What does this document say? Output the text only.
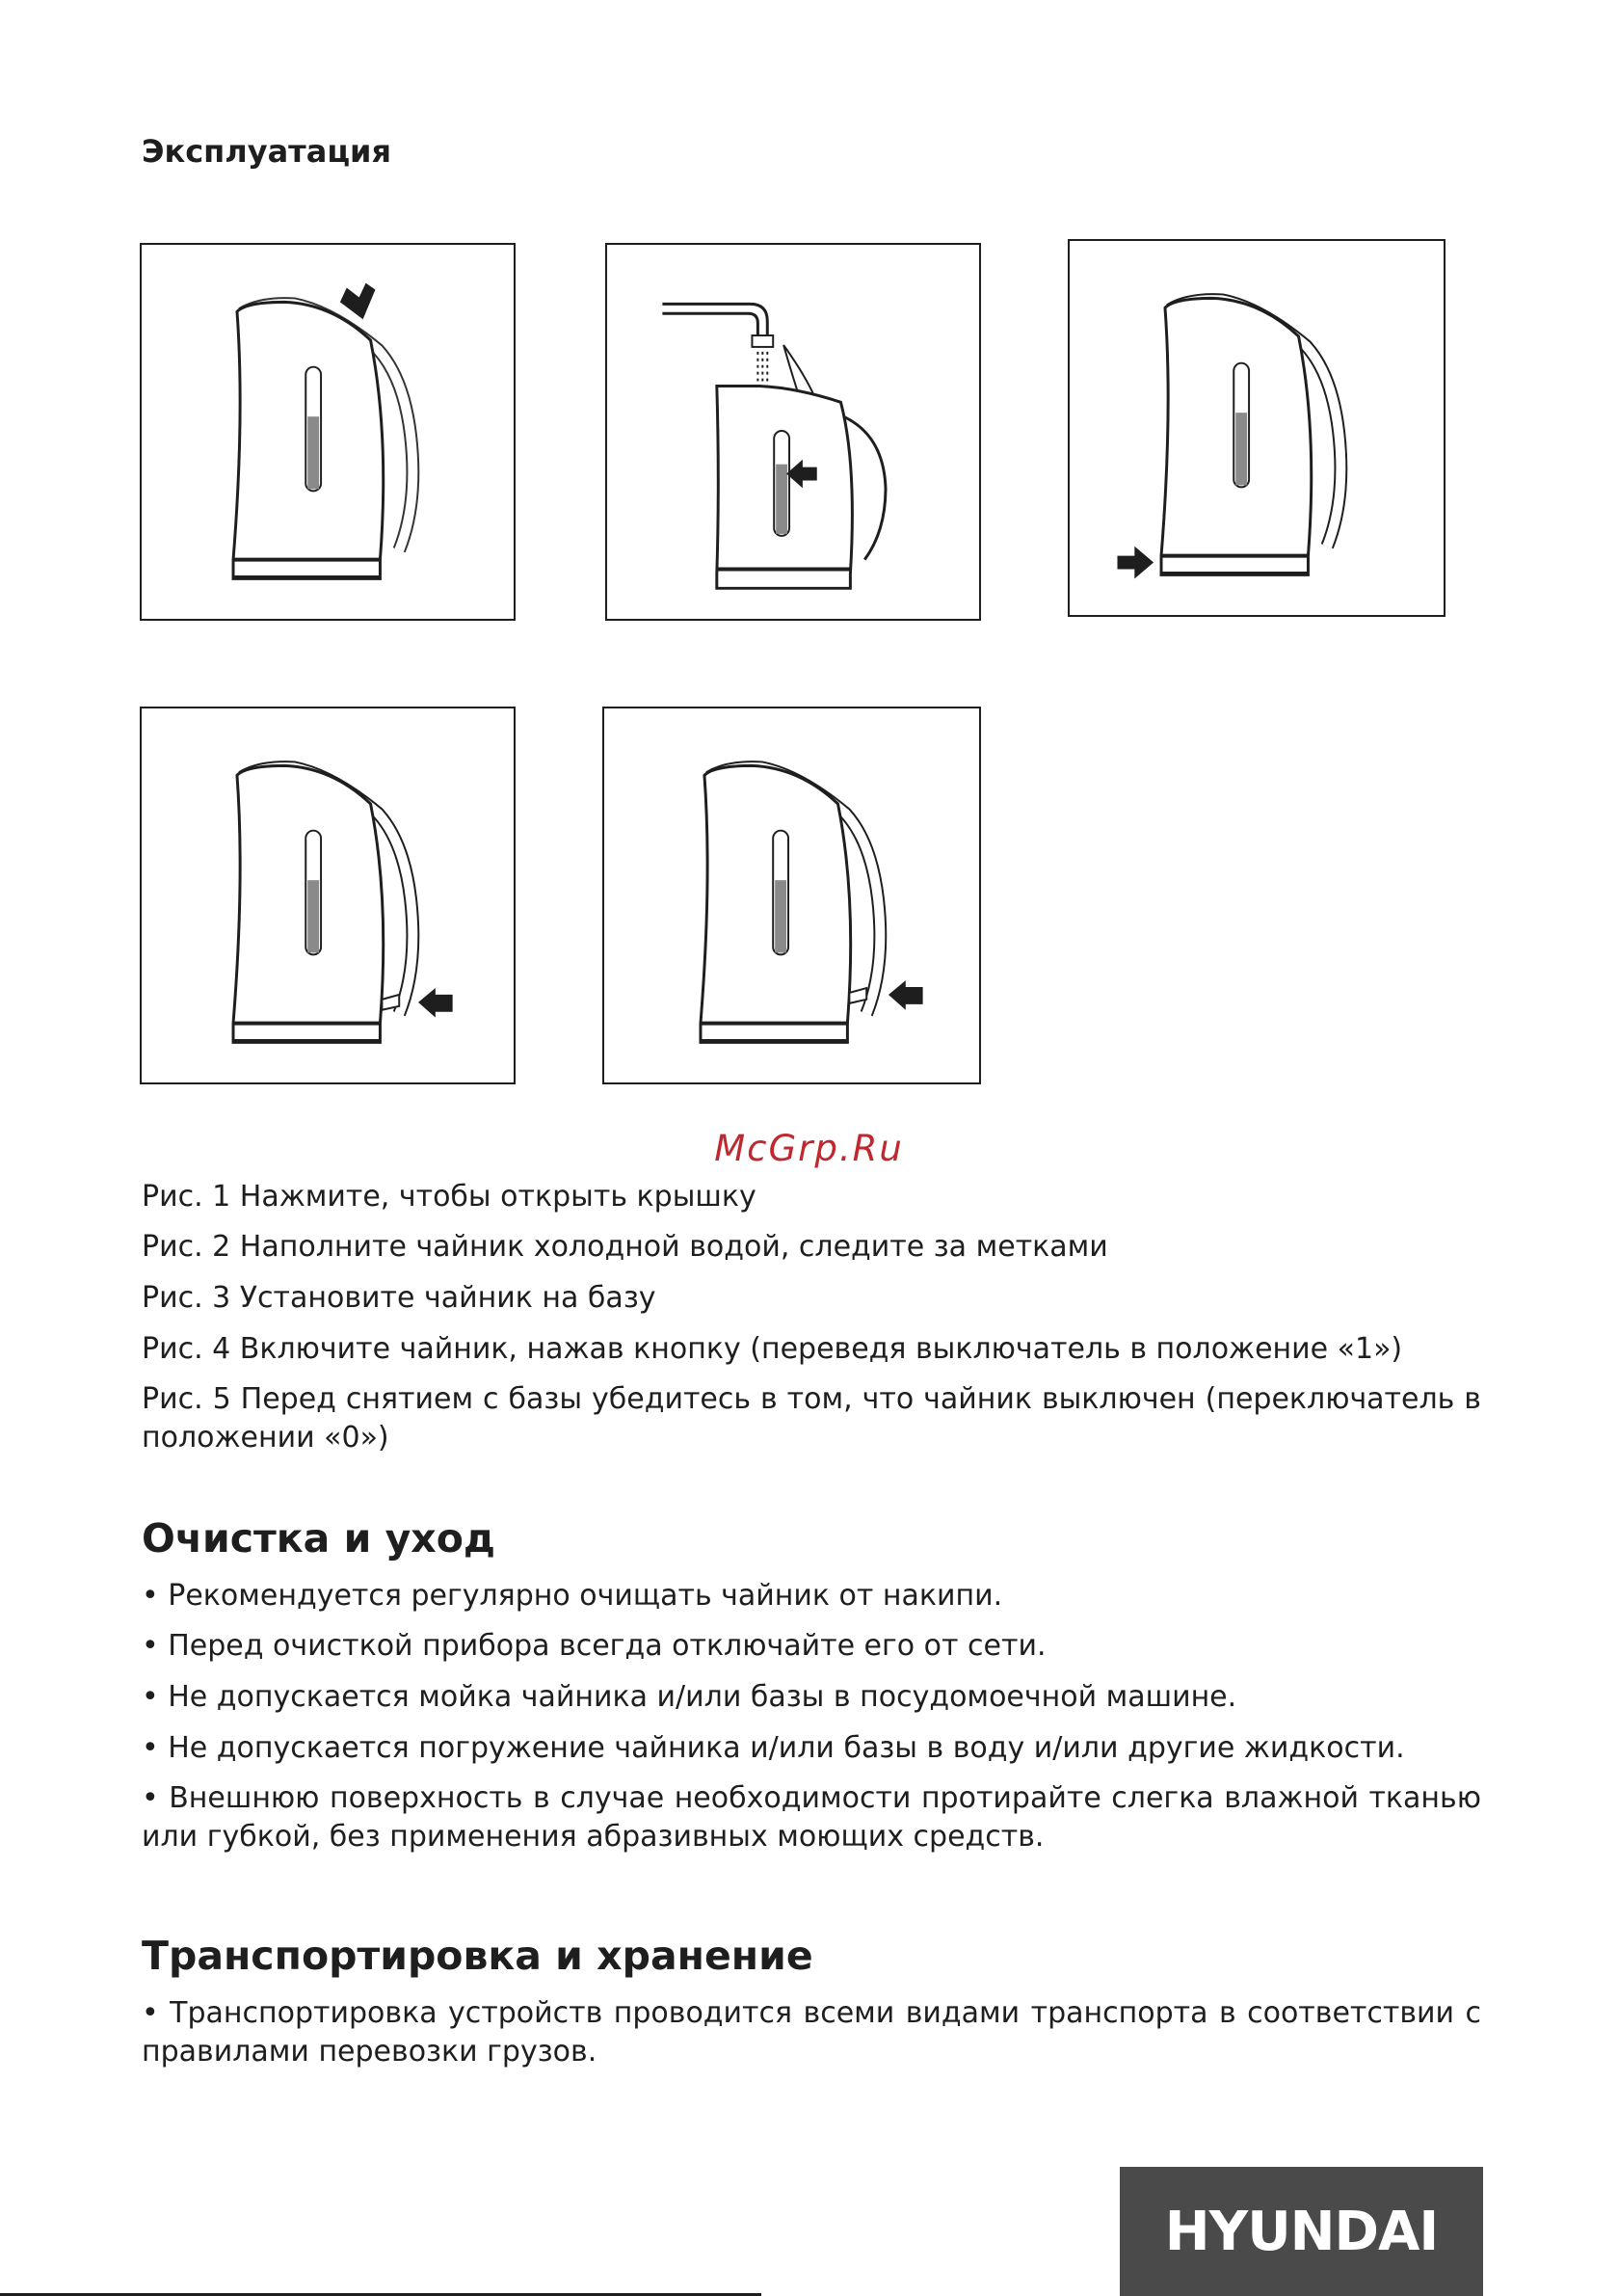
Эксплуатация
McGrp.Ru
Рис. 1 Нажмите, чтобы открыть крышку
Рис. 2 Наполните чайник холодной водой, следите за метками
Рис. 3 Установите чайник на базу
Рис. 4 Включите чайник, нажав кнопку (переведя выключатель в положение «1»)
Рис. 5 Перед снятием с базы убедитесь в том, что чайник выключен (переключатель в положении «0»)
Очистка и уход
• Рекомендуется регулярно очищать чайник от накипи.
• Перед очисткой прибора всегда отключайте его от сети.
• Не допускается мойка чайника и/или базы в посудомоечной машине.
• Не допускается погружение чайника и/или базы в воду и/или другие жидкости.
• Внешнюю поверхность в случае необходимости протирайте слегка влажной тканью или губкой, без применения абразивных моющих средств.
Транспортировка и хранение
• Транспортировка устройств проводится всеми видами транспорта в соответствии с правилами перевозки грузов.
HYUNDAI
